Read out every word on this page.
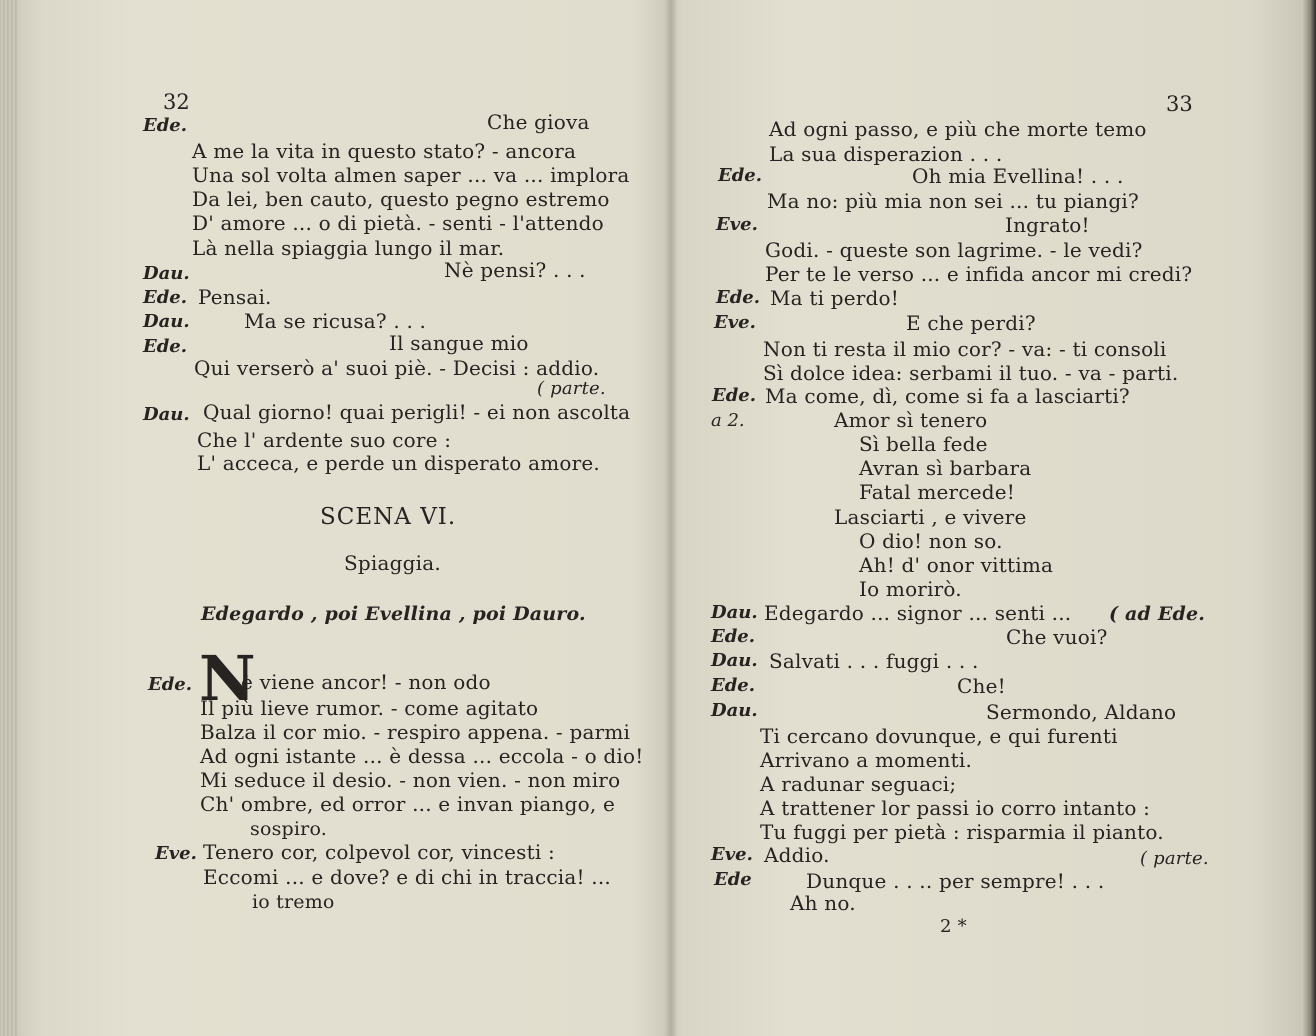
32
Ede.	Che giova
A me la vita in questo stato? - ancora
Una sol volta almen saper ... va ... implora
Da lei, ben cauto, questo pegno estremo
D' amore ... o di pietà. - senti - l'attendo
Là nella spiaggia lungo il mar.
Dau.	Nè pensi? . . .
Ede. Pensai.
Dau.	Ma se ricusa? . . .
Ede.	Il sangue mio
Qui verserò a' suoi piè. - Decisi : addio.
( parte.
Dau. Qual giorno! quai perigli! - ei non ascolta
Che l' ardente suo core :
L' acceca, e perde un disperato amore.
SCENA VI.
Spiaggia.
Edegardo , poi Evellina , poi Dauro.
Ede. N
è viene ancor! - non odo
Il più lieve rumor. - come agitato
Balza il cor mio. - respiro appena. - parmi
Ad ogni istante ... è dessa ... eccola - o dio!
Mi seduce il desio. - non vien. - non miro
Ch' ombre, ed orror ... e invan piango, e
sospiro.
Eve. Tenero cor, colpevol cor, vincesti :
Eccomi ... e dove? e di chi in traccia! ...
io tremo
33
Ad ogni passo, e più che morte temo
La sua disperazion . . .
Ede.	Oh mia Evellina! . . .
Ma no: più mia non sei ... tu piangi?
Eve.	Ingrato!
Godi. - queste son lagrime. - le vedi?
Per te le verso ... e infida ancor mi credi?
Ede. Ma ti perdo!
Eve.	E che perdi?
Non ti resta il mio cor? - va: - ti consoli
Sì dolce idea: serbami il tuo. - va - parti.
Ede. Ma come, dì, come si fa a lasciarti?
a 2.	Amor sì tenero
Sì bella fede
Avran sì barbara
Fatal mercede!
Lasciarti , e vivere
O dio! non so.
Ah! d' onor vittima
Io morirò.
Dau. Edegardo ... signor ... senti ... ( ad Ede.
Ede.	Che vuoi?
Dau. Salvati . . . fuggi . . .
Ede.	Che!
Dau.	Sermondo, Aldano
Ti cercano dovunque, e qui furenti
Arrivano a momenti.
A radunar seguaci;
A trattener lor passi io corro intanto :
Tu fuggi per pietà : risparmia il pianto.
Eve. Addio.	( parte.
Ede	Dunque . . .. per sempre! . . .
Ah no.
2 *
